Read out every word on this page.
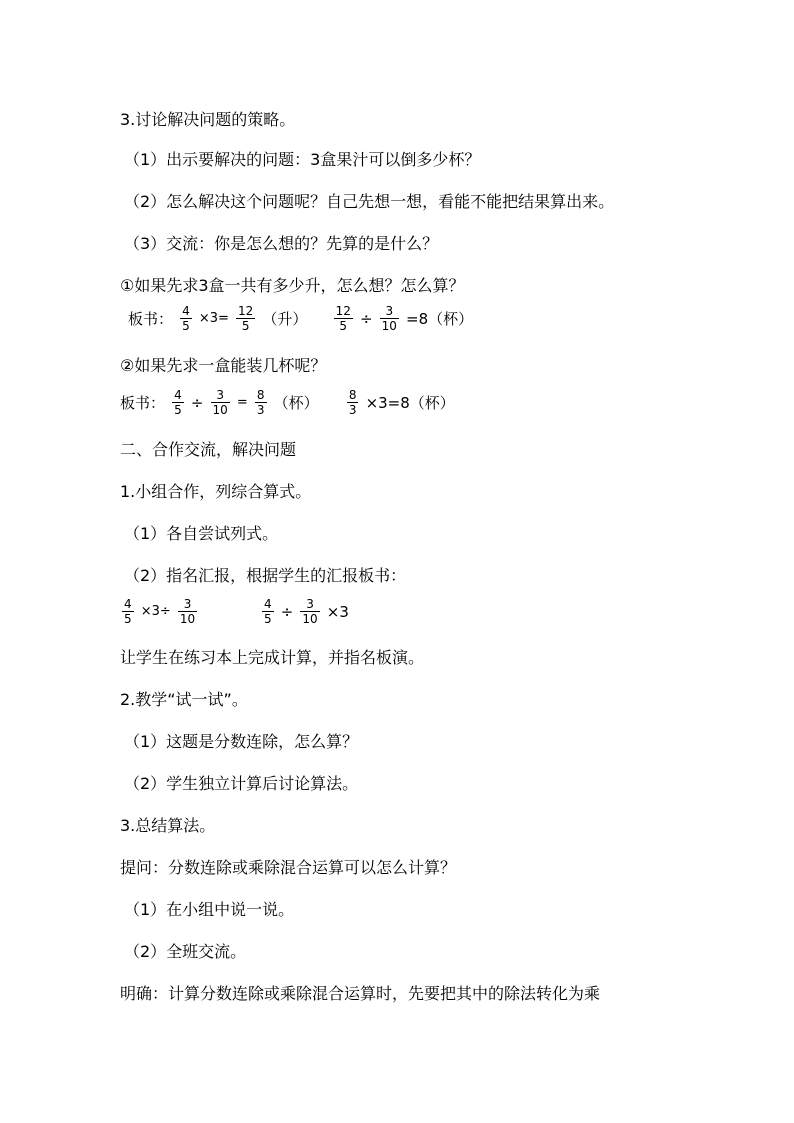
3.讨论解决问题的策略。
（1）出示要解决的问题：3盒果汁可以倒多少杯？
（2）怎么解决这个问题呢？自己先想一想，看能不能把结果算出来。
（3）交流：你是怎么想的？先算的是什么？
①如果先求3盒一共有多少升，怎么想？怎么算？
板书： $\frac{4}{5} \times 3= \frac{12}{5}$ （升） $\frac{12}{5} \div \frac{3}{10} =8$（杯）
②如果先求一盒能装几杯呢？
板书： $\frac{4}{5} \div \frac{3}{10} = \frac{8}{3}$ （杯） $\frac{8}{3} \times 3=8$（杯）
二、合作交流，解决问题
1.小组合作，列综合算式。
（1）各自尝试列式。
（2）指名汇报，根据学生的汇报板书：
$\frac{4}{5} \times 3\div \frac{3}{10}$	$\frac{4}{5} \div \frac{3}{10} \times 3$
让学生在练习本上完成计算，并指名板演。
2.教学“试一试”。
（1）这题是分数连除，怎么算？
（2）学生独立计算后讨论算法。
3.总结算法。
提问：分数连除或乘除混合运算可以怎么计算？
（1）在小组中说一说。
（2）全班交流。
明确：计算分数连除或乘除混合运算时，先要把其中的除法转化为乘
